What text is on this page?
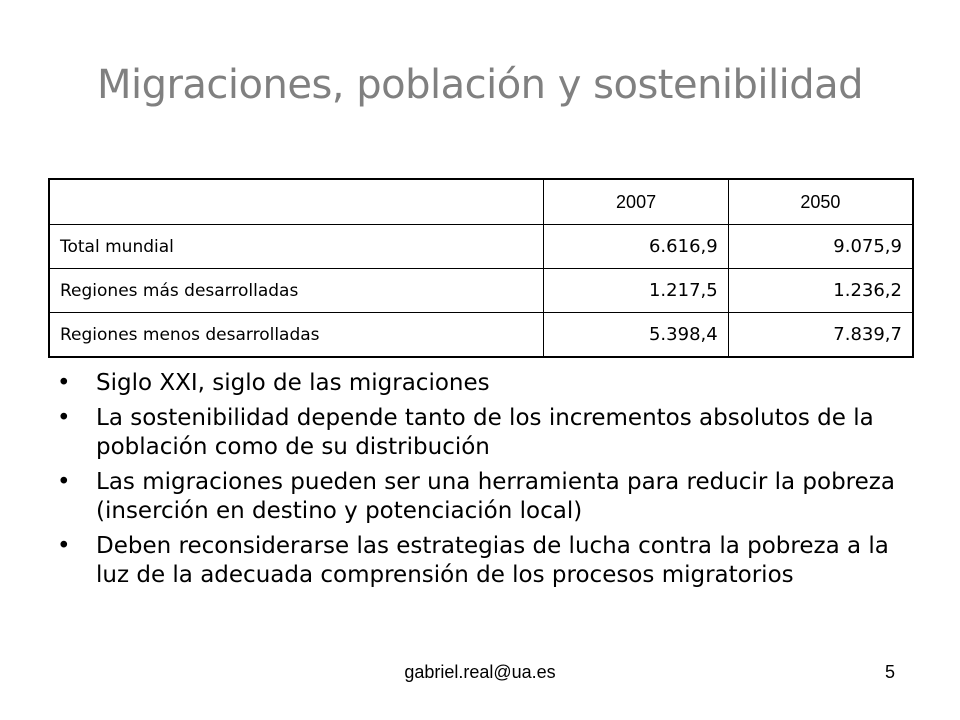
Migraciones, población y sostenibilidad
	2007	2050
Total mundial	6.616,9	9.075,9
Regiones más desarrolladas	1.217,5	1.236,2
Regiones menos desarrolladas	5.398,4	7.839,7
• Siglo XXI, siglo de las migraciones
• La sostenibilidad depende tanto de los incrementos absolutos de la población como de su distribución
• Las migraciones pueden ser una herramienta para reducir la pobreza (inserción en destino y potenciación local)
• Deben reconsiderarse las estrategias de lucha contra la pobreza a la luz de la adecuada comprensión de los procesos migratorios
gabriel.real@ua.es	5
